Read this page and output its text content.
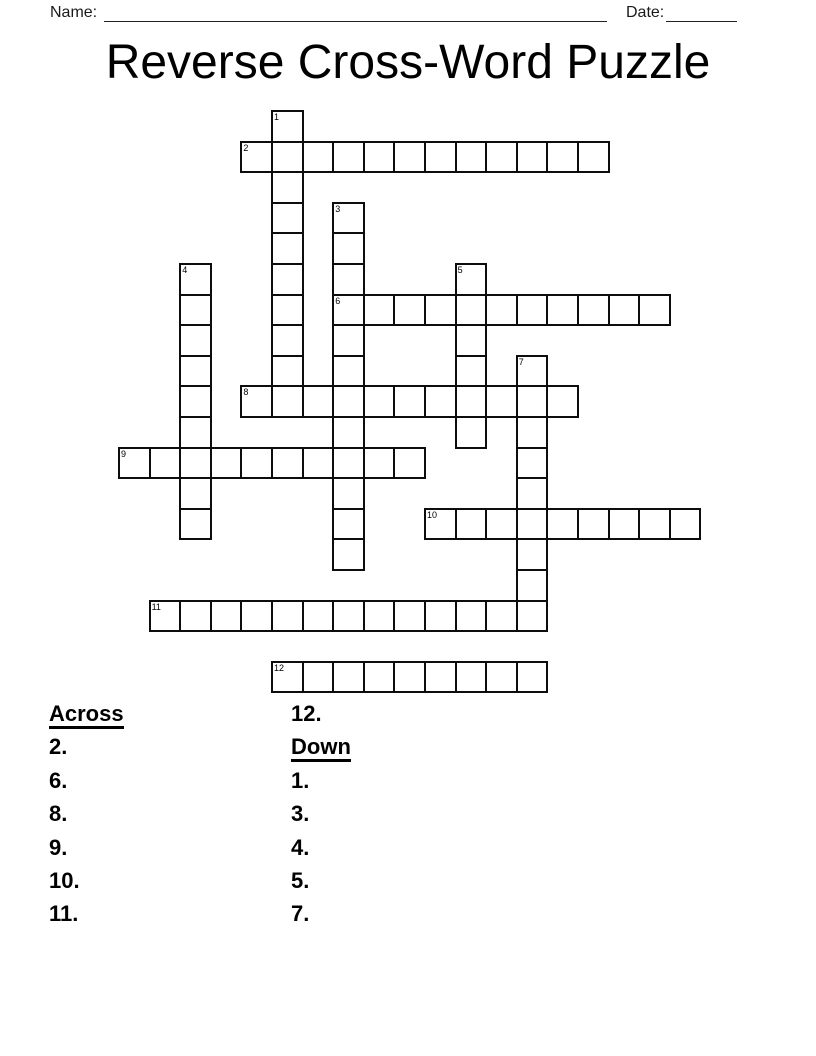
Name:	Date:
Reverse Cross-Word Puzzle
1
2
3
4	5
6
7
8
9
10
11
12
Across
2.
6.
8.
9.
10.
11.
12.
Down
1.
3.
4.
5.
7.
